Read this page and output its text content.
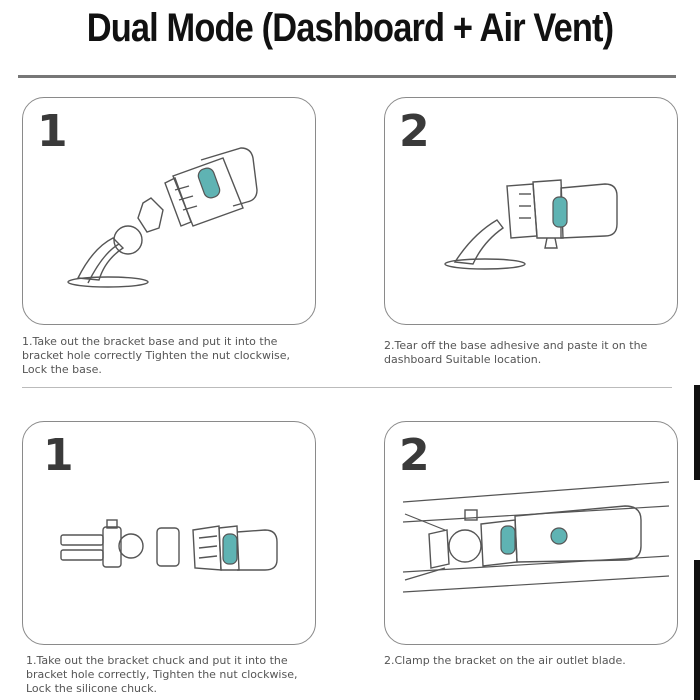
Dual Mode (Dashboard + Air Vent)
1
1.Take out the bracket base and put it into the
bracket hole correctly Tighten the nut clockwise,
Lock the base.
2
2.Tear off the base adhesive and paste it on the
dashboard Suitable location.
1
1.Take out the bracket chuck and put it into the
bracket hole correctly, Tighten the nut clockwise,
Lock the silicone chuck.
2
2.Clamp the bracket on the air outlet blade.
